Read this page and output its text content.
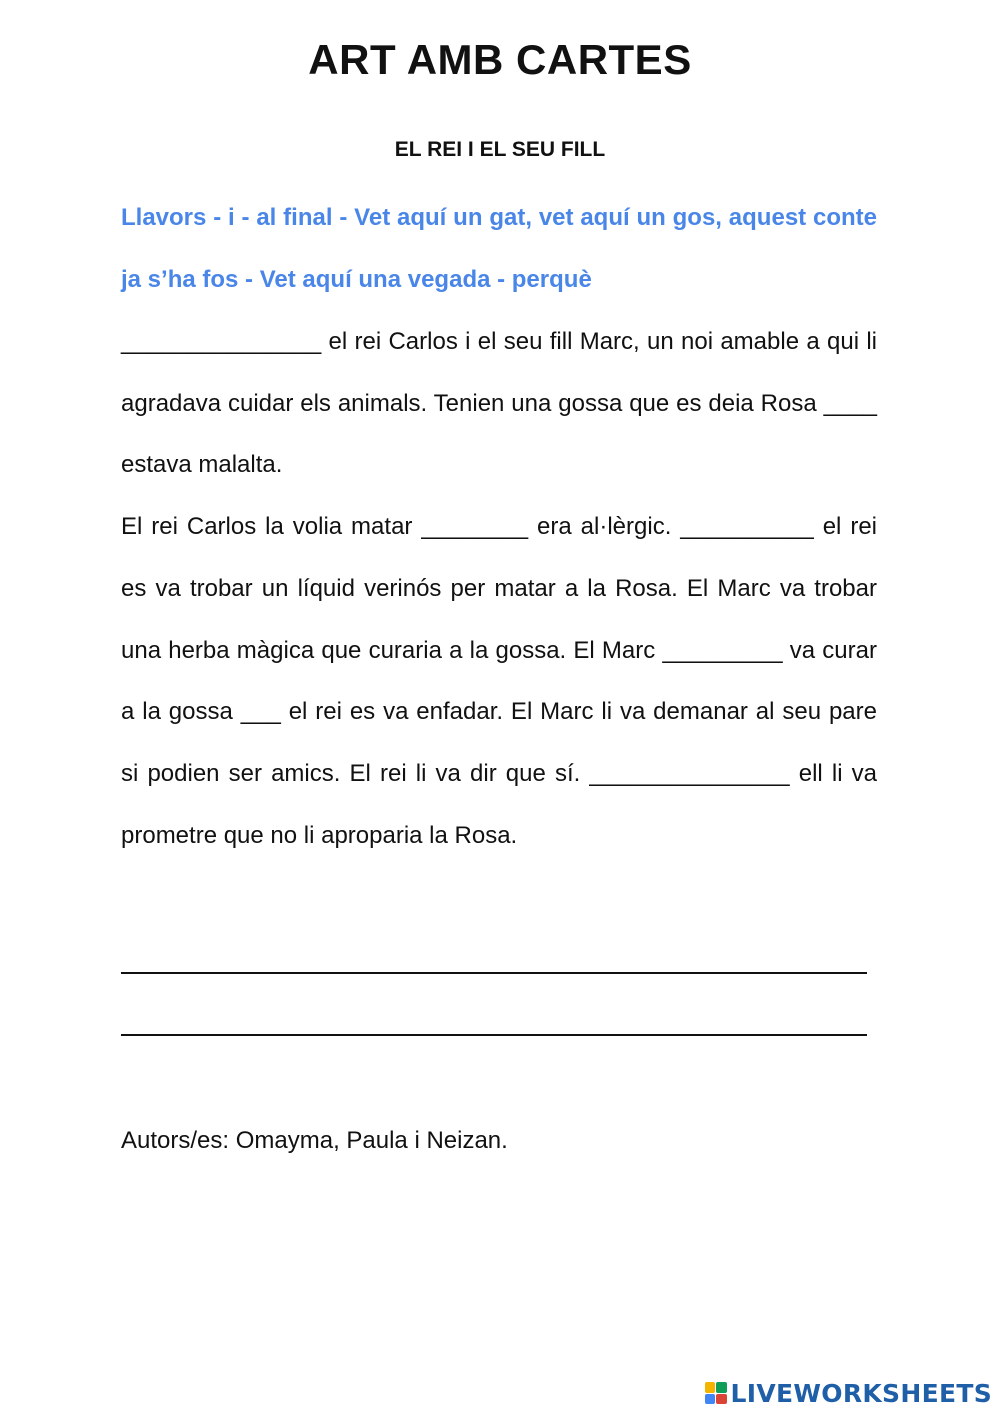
ART AMB CARTES
EL REI I EL SEU FILL

Llavors - i - al final - Vet aquí un gat, vet aquí un gos, aquest conte ja s’ha fos - Vet aquí una vegada - perquè

_______________ el rei Carlos i el seu fill Marc, un noi amable a qui li agradava cuidar els animals. Tenien una gossa que es deia Rosa ____ estava malalta.

El rei Carlos la volia matar ________ era al·lèrgic. __________ el rei es va trobar un líquid verinós per matar a la Rosa. El Marc va trobar una herba màgica que curaria a la gossa. El Marc _________ va curar a la gossa ___ el rei es va enfadar. El Marc li va demanar al seu pare si podien ser amics. El rei li va dir que sí. _______________ ell li va prometre que no li aproparia la Rosa.

Autors/es: Omayma, Paula i Neizan.

LIVEWORKSHEETS
